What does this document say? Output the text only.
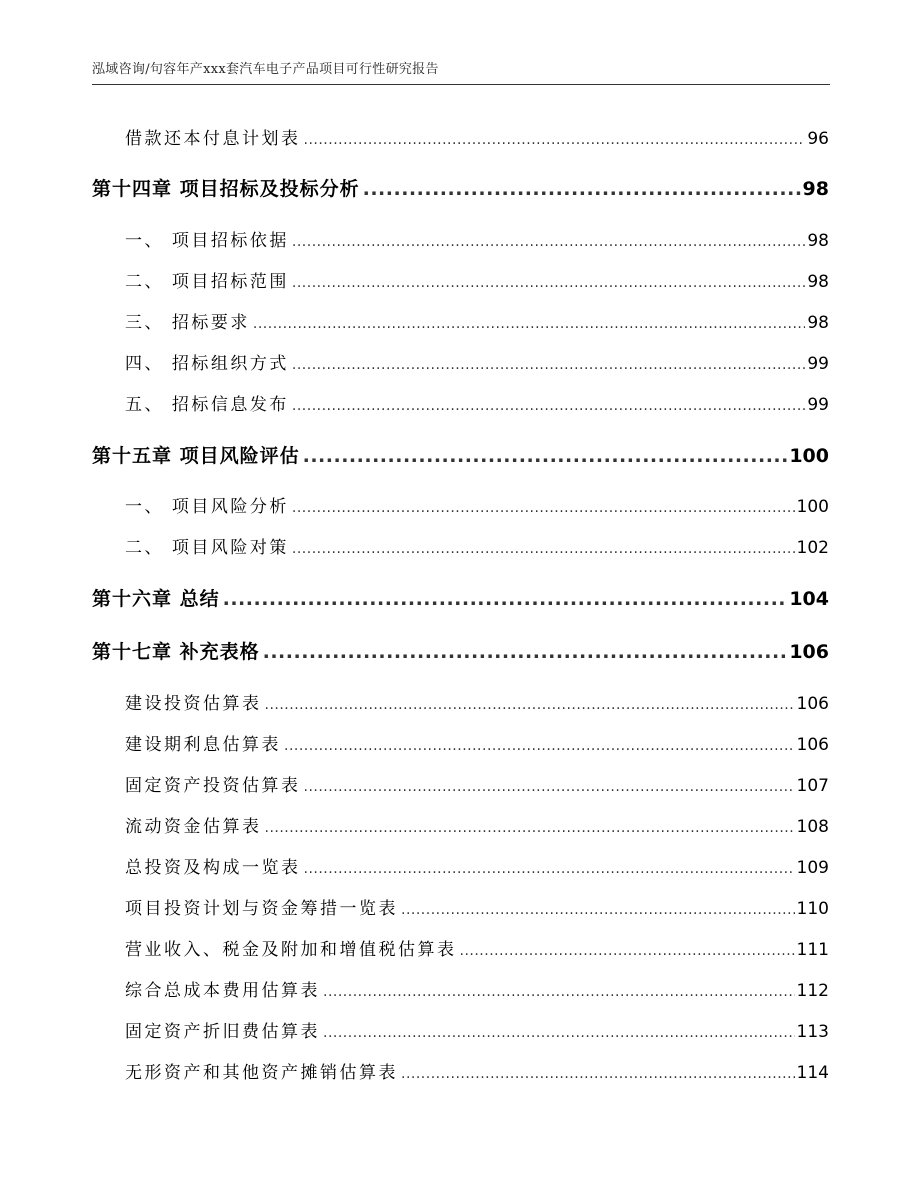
泓域咨询/句容年产xxx套汽车电子产品项目可行性研究报告
借款还本付息计划表 .....	96
第十四章 项目招标及投标分析 .....	98
一、 项目招标依据 .....	98
二、 项目招标范围 .....	98
三、 招标要求 .....	98
四、 招标组织方式 .....	99
五、 招标信息发布 .....	99
第十五章 项目风险评估 .....	100
一、 项目风险分析 .....	100
二、 项目风险对策 .....	102
第十六章 总结 .....	104
第十七章 补充表格 .....	106
建设投资估算表 .....	106
建设期利息估算表 .....	106
固定资产投资估算表 .....	107
流动资金估算表 .....	108
总投资及构成一览表 .....	109
项目投资计划与资金筹措一览表 .....	110
营业收入、税金及附加和增值税估算表 .....	111
综合总成本费用估算表 .....	112
固定资产折旧费估算表 .....	113
无形资产和其他资产摊销估算表 .....	114
